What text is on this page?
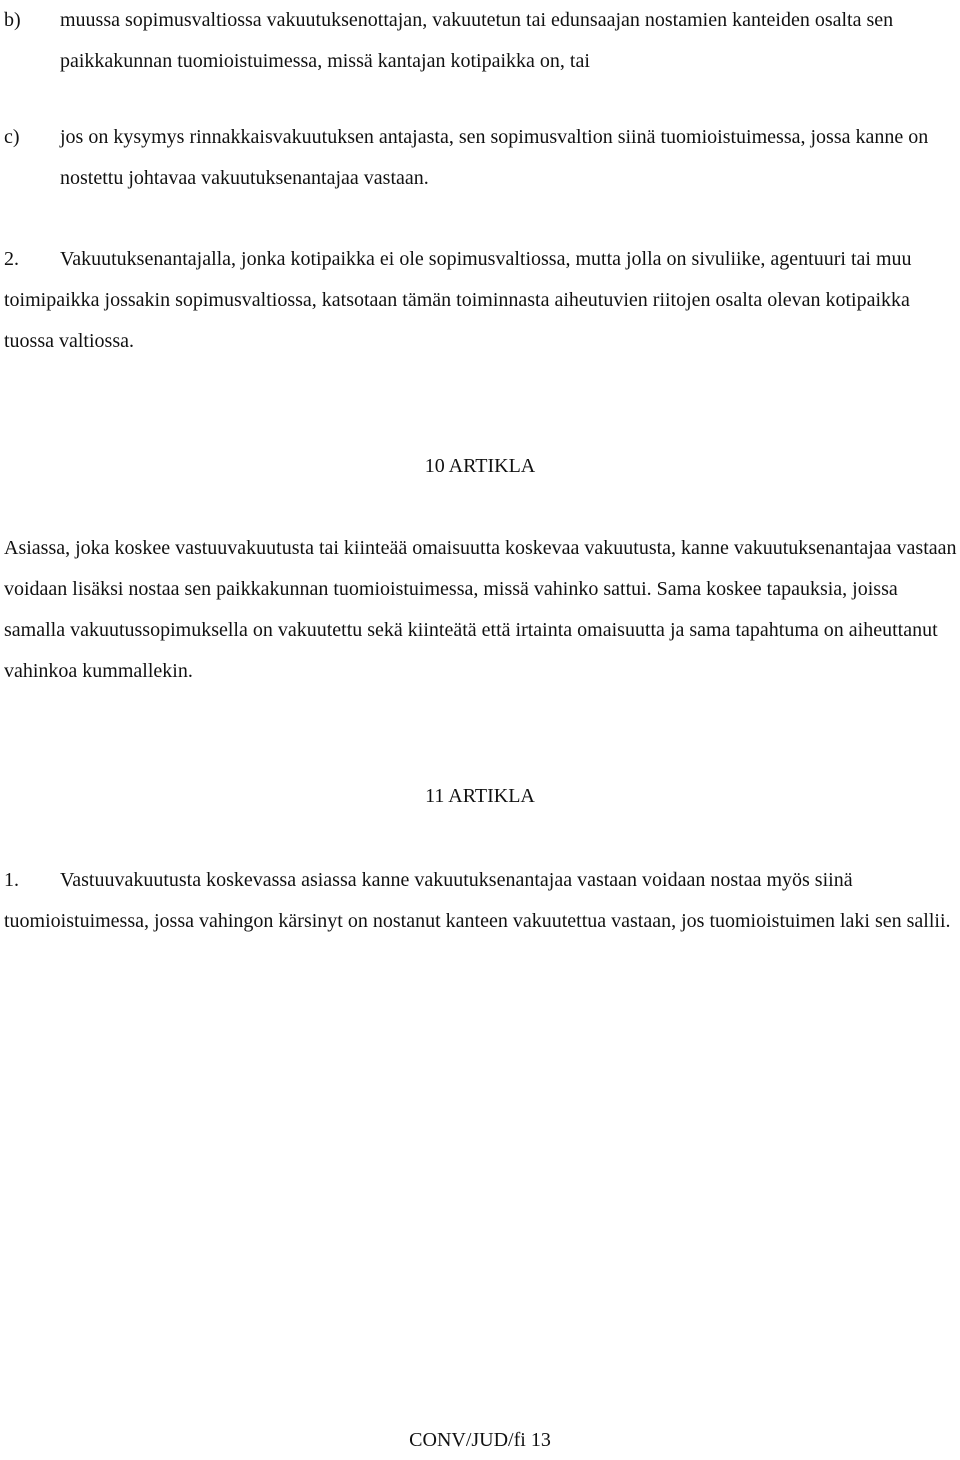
b)	muussa sopimusvaltiossa vakuutuksenottajan, vakuutetun tai edunsaajan nostamien kanteiden osalta sen paikkakunnan tuomioistuimessa, missä kantajan kotipaikka on, tai
c)	jos on kysymys rinnakkaisvakuutuksen antajasta, sen sopimusvaltion siinä tuomioistuimessa, jossa kanne on nostettu johtavaa vakuutuksenantajaa vastaan.

2. Vakuutuksenantajalla, jonka kotipaikka ei ole sopimusvaltiossa, mutta jolla on sivuliike, agentuuri tai muu toimipaikka jossakin sopimusvaltiossa, katsotaan tämän toiminnasta aiheutuvien riitojen osalta olevan kotipaikka tuossa valtiossa.

10 ARTIKLA

Asiassa, joka koskee vastuuvakuutusta tai kiinteää omaisuutta koskevaa vakuutusta, kanne vakuutuksenantajaa vastaan voidaan lisäksi nostaa sen paikkakunnan tuomioistuimessa, missä vahinko sattui. Sama koskee tapauksia, joissa samalla vakuutussopimuksella on vakuutettu sekä kiinteätä että irtainta omaisuutta ja sama tapahtuma on aiheuttanut vahinkoa kummallekin.

11 ARTIKLA

1. Vastuuvakuutusta koskevassa asiassa kanne vakuutuksenantajaa vastaan voidaan nostaa myös siinä tuomioistuimessa, jossa vahingon kärsinyt on nostanut kanteen vakuutettua vastaan, jos tuomioistuimen laki sen sallii.

CONV/JUD/fi 13
